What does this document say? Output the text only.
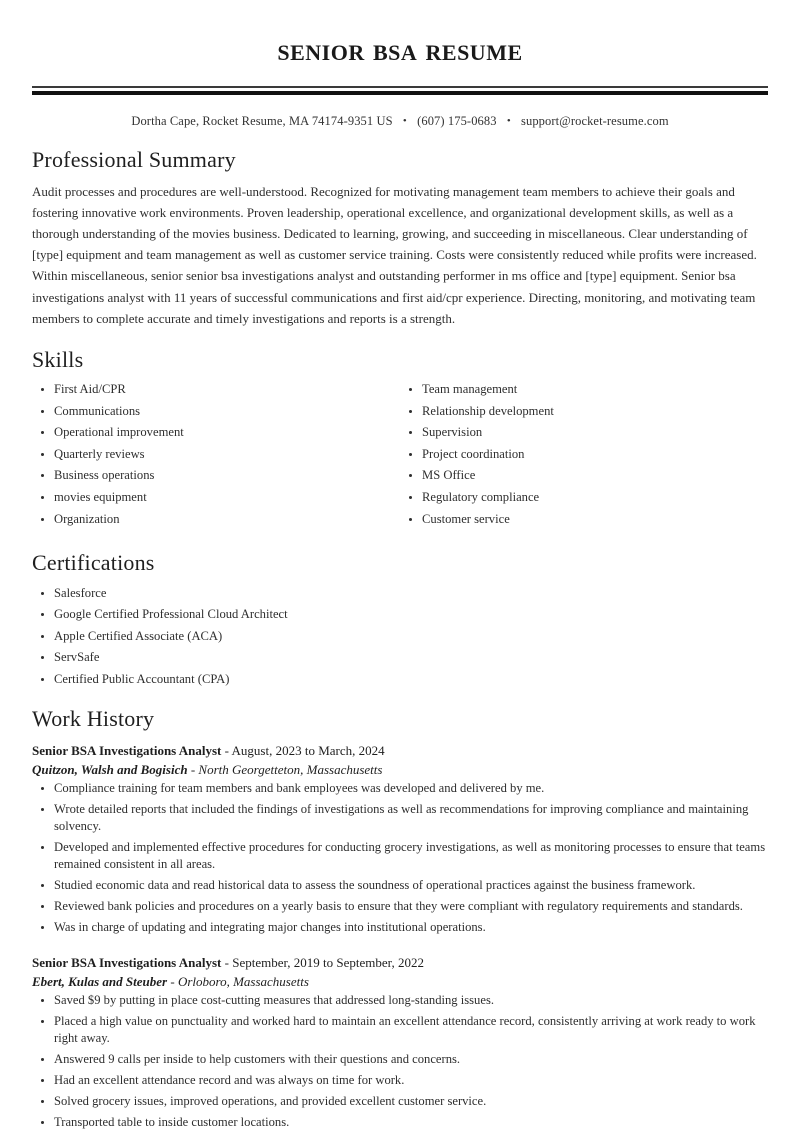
senior bsa resume
Dortha Cape, Rocket Resume, MA 74174-9351 US • (607) 175-0683 • support@rocket-resume.com
Professional Summary

Audit processes and procedures are well-understood. Recognized for motivating management team members to achieve their goals and fostering innovative work environments. Proven leadership, operational excellence, and organizational development skills, as well as a thorough understanding of the movies business. Dedicated to learning, growing, and succeeding in miscellaneous. Clear understanding of [type] equipment and team management as well as customer service training. Costs were consistently reduced while profits were increased. Within miscellaneous, senior senior bsa investigations analyst and outstanding performer in ms office and [type] equipment. Senior bsa investigations analyst with 11 years of successful communications and first aid/cpr experience. Directing, monitoring, and motivating team members to complete accurate and timely investigations and reports is a strength.

Skills
First Aid/CPR
Communications
Operational improvement
Quarterly reviews
Business operations
movies equipment
Organization
Team management
Relationship development
Supervision
Project coordination
MS Office
Regulatory compliance
Customer service
Certifications
Salesforce
Google Certified Professional Cloud Architect
Apple Certified Associate (ACA)
ServSafe
Certified Public Accountant (CPA)
Work History
Senior BSA Investigations Analyst - August, 2023 to March, 2024
Quitzon, Walsh and Bogisich - North Georgetteton, Massachusetts
Compliance training for team members and bank employees was developed and delivered by me.
Wrote detailed reports that included the findings of investigations as well as recommendations for improving compliance and maintaining solvency.
Developed and implemented effective procedures for conducting grocery investigations, as well as monitoring processes to ensure that teams remained consistent in all areas.
Studied economic data and read historical data to assess the soundness of operational practices against the business framework.
Reviewed bank policies and procedures on a yearly basis to ensure that they were compliant with regulatory requirements and standards.
Was in charge of updating and integrating major changes into institutional operations.
Senior BSA Investigations Analyst - September, 2019 to September, 2022
Ebert, Kulas and Steuber - Orloboro, Massachusetts
Saved $9 by putting in place cost-cutting measures that addressed long-standing issues.
Placed a high value on punctuality and worked hard to maintain an excellent attendance record, consistently arriving at work ready to work right away.
Answered 9 calls per inside to help customers with their questions and concerns.
Had an excellent attendance record and was always on time for work.
Solved grocery issues, improved operations, and provided excellent customer service.
Transported table to inside customer locations.
